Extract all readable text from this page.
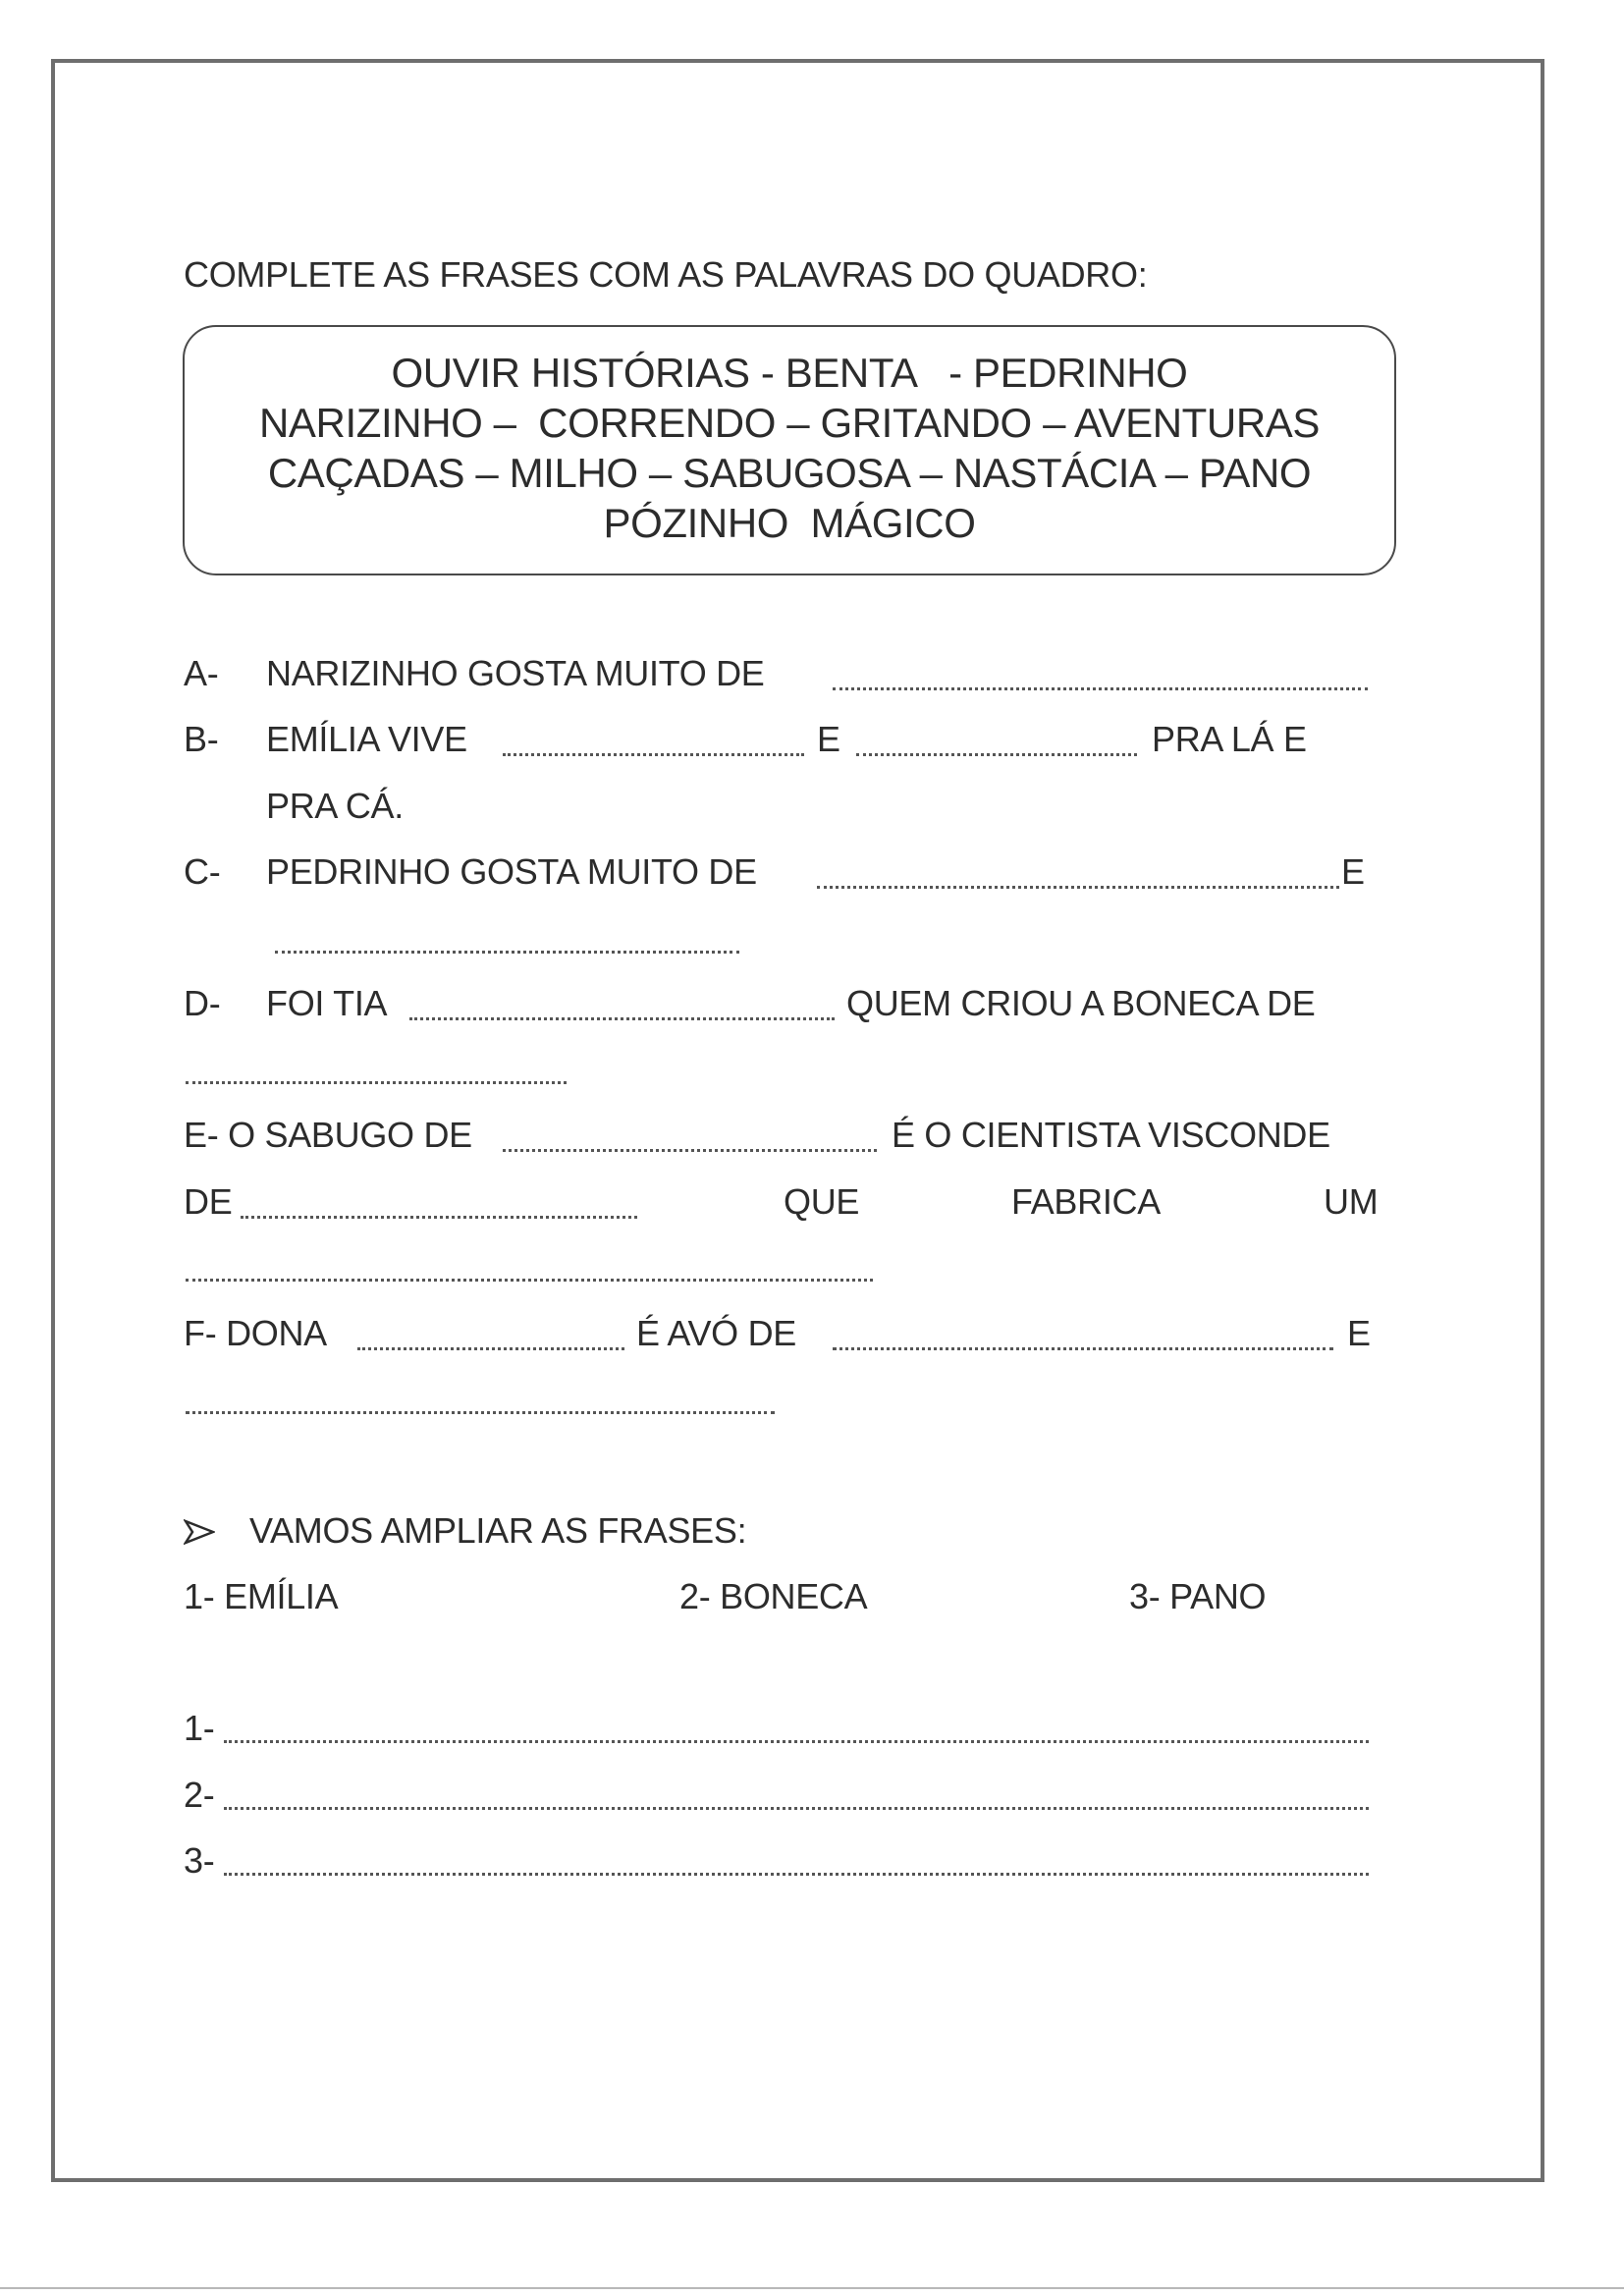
COMPLETE AS FRASES COM AS PALAVRAS DO QUADRO:
OUVIR HISTÓRIAS - BENTA   - PEDRINHO
NARIZINHO –  CORRENDO – GRITANDO – AVENTURAS
CAÇADAS – MILHO – SABUGOSA – NASTÁCIA – PANO
PÓZINHO  MÁGICO
A- NARIZINHO GOSTA MUITO DE
B- EMÍLIA VIVE	E	PRA LÁ E
PRA CÁ.
C- PEDRINHO GOSTA MUITO DE	E
D- FOI TIA	QUEM CRIOU A BONECA DE
E- O SABUGO DE	É O CIENTISTA VISCONDE
DE	QUE	FABRICA	UM
F- DONA	É AVÓ DE	E
VAMOS AMPLIAR AS FRASES:
1- EMÍLIA	2- BONECA	3- PANO
1-
2-
3-
